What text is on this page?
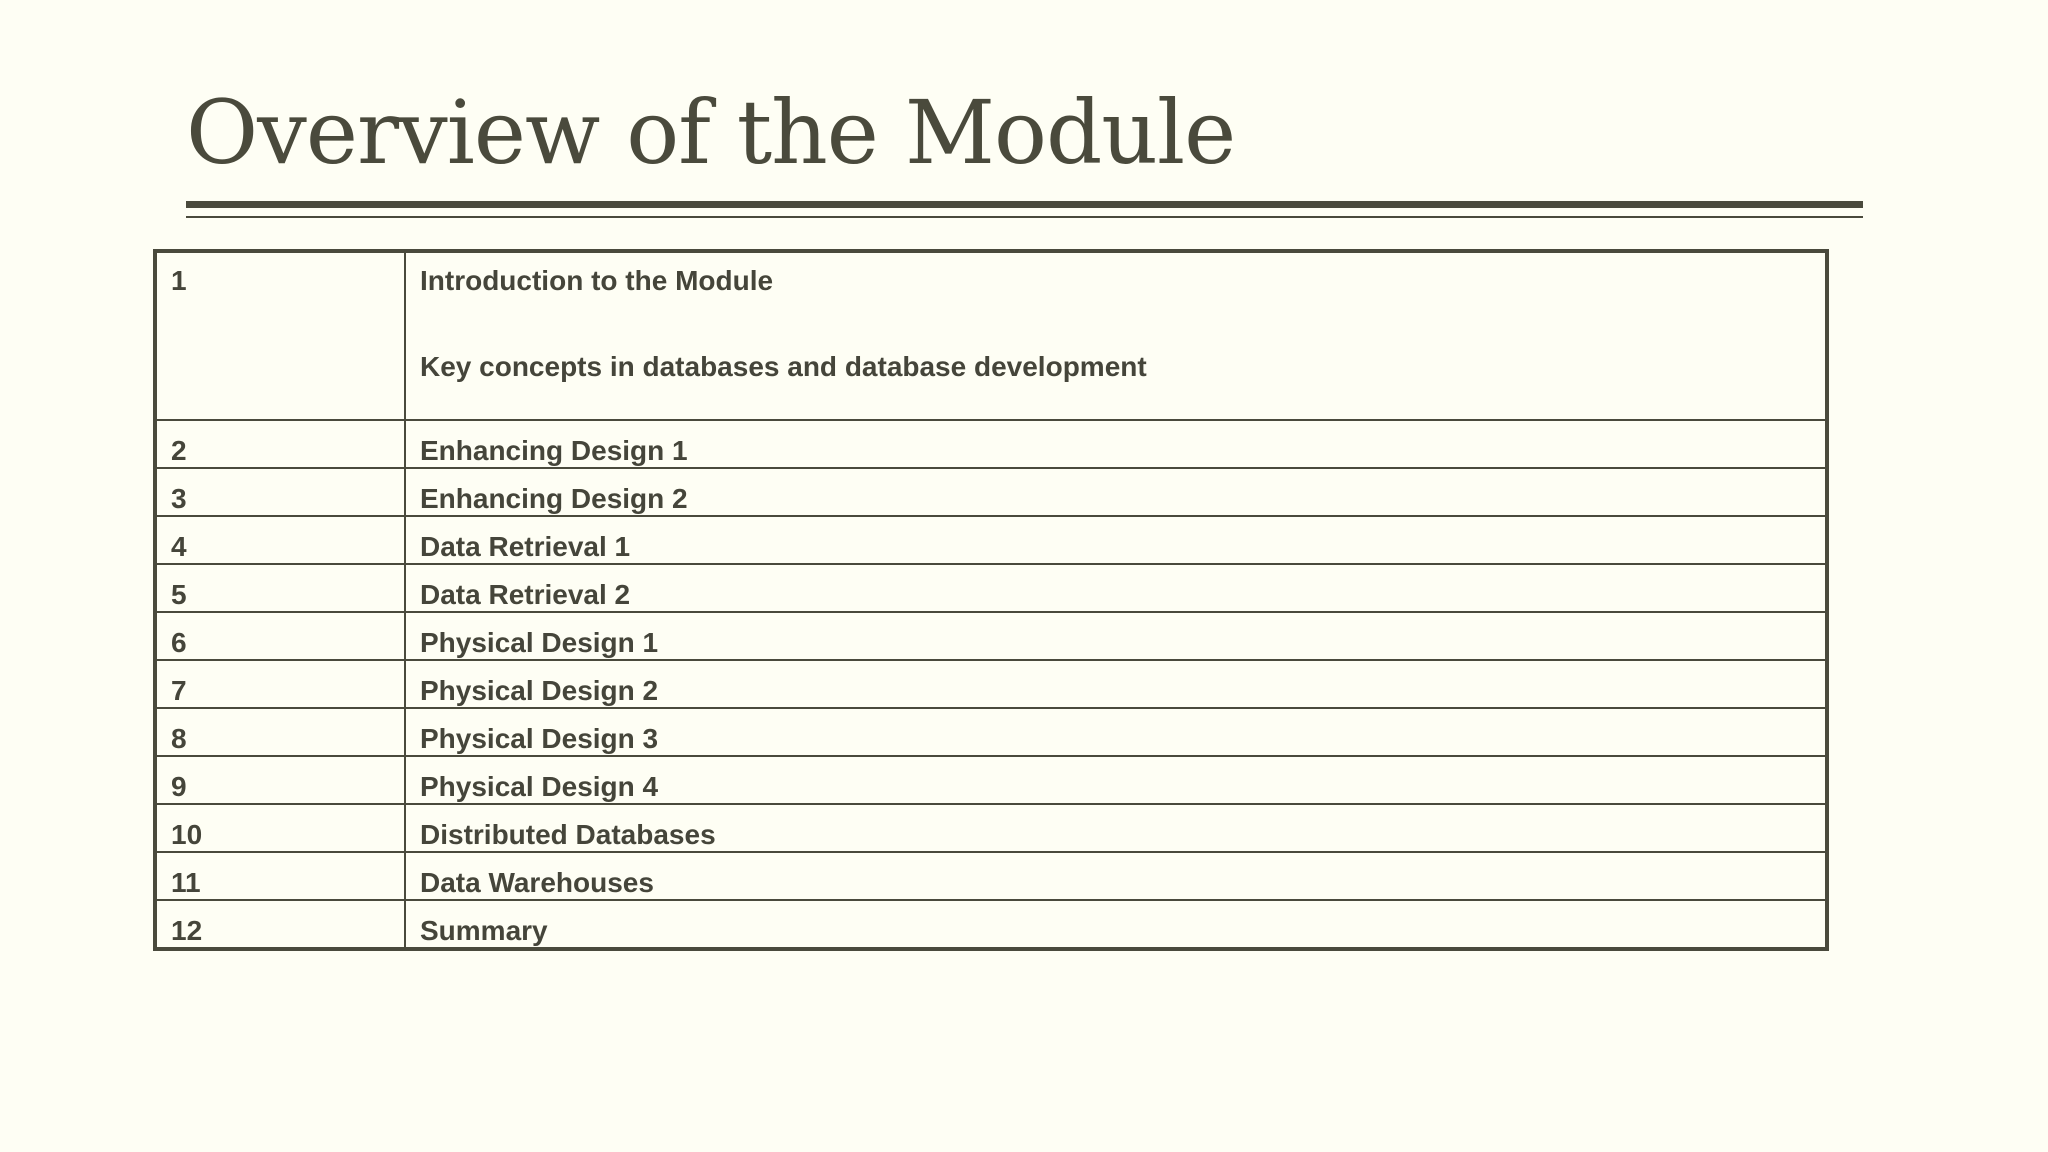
Overview of the Module
1	Introduction to the Module
Key concepts in databases and database development

2	Enhancing Design 1
3	Enhancing Design 2
4	Data Retrieval 1
5	Data Retrieval 2
6	Physical Design 1
7	Physical Design 2
8	Physical Design 3
9	Physical Design 4
10	Distributed Databases
11	Data Warehouses
12	Summary
